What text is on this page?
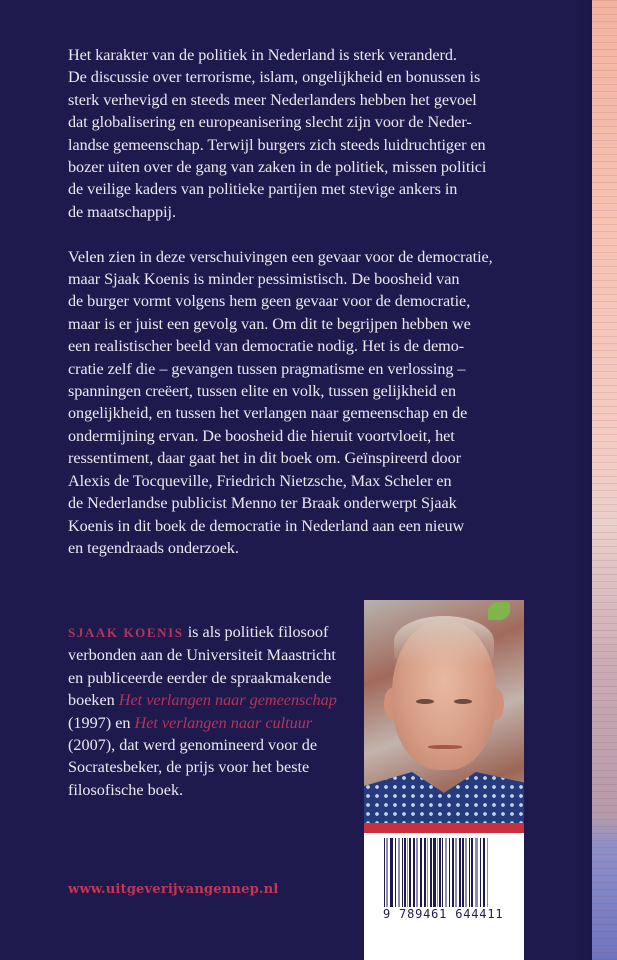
Het karakter van de politiek in Nederland is sterk veranderd.
De discussie over terrorisme, islam, ongelijkheid en bonussen is
sterk verhevigd en steeds meer Nederlanders hebben het gevoel
dat globalisering en europeanisering slecht zijn voor de Neder-
landse gemeenschap. Terwijl burgers zich steeds luidruchtiger en
bozer uiten over de gang van zaken in de politiek, missen politici
de veilige kaders van politieke partijen met stevige ankers in
de maatschappij.

Velen zien in deze verschuivingen een gevaar voor de democratie,
maar Sjaak Koenis is minder pessimistisch. De boosheid van
de burger vormt volgens hem geen gevaar voor de democratie,
maar is er juist een gevolg van. Om dit te begrijpen hebben we
een realistischer beeld van democratie nodig. Het is de demo-
cratie zelf die – gevangen tussen pragmatisme en verlossing –
spanningen creëert, tussen elite en volk, tussen gelijkheid en
ongelijkheid, en tussen het verlangen naar gemeenschap en de
ondermijning ervan. De boosheid die hieruit voortvloeit, het
ressentiment, daar gaat het in dit boek om. Geïnspireerd door
Alexis de Tocqueville, Friedrich Nietzsche, Max Scheler en
de Nederlandse publicist Menno ter Braak onderwerpt Sjaak
Koenis in dit boek de democratie in Nederland aan een nieuw
en tegendraads onderzoek.

SJAAK KOENIS is als politiek filosoof
verbonden aan de Universiteit Maastricht
en publiceerde eerder de spraakmakende
boeken Het verlangen naar gemeenschap
(1997) en Het verlangen naar cultuur
(2007), dat werd genomineerd voor de
Socratesbeker, de prijs voor het beste
filosofische boek.
9 789461 644411
www.uitgeverijvangennep.nl
